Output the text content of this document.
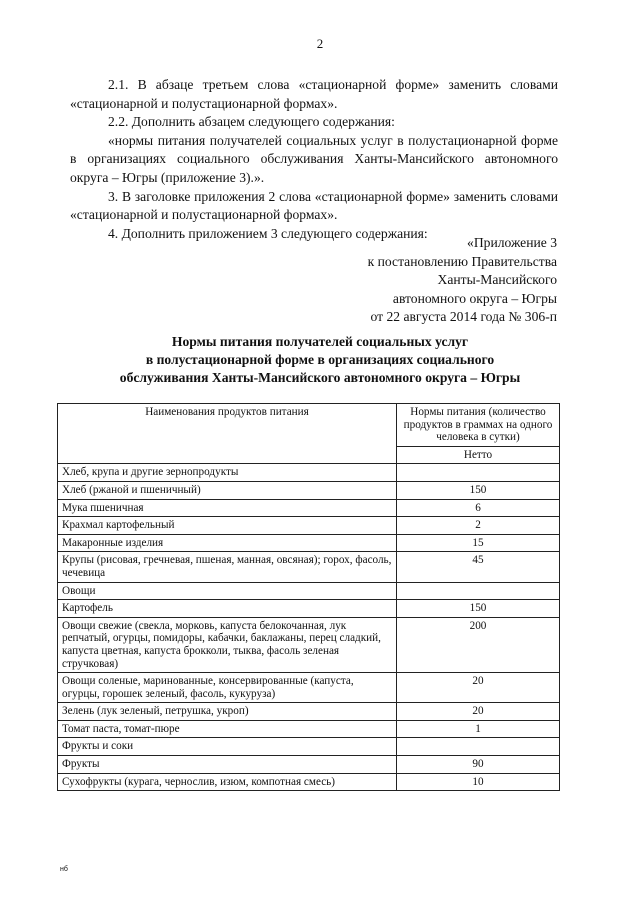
2

2.1. В абзаце третьем слова «стационарной форме» заменить словами «стационарной и полустационарной формах».

2.2. Дополнить абзацем следующего содержания:

«нормы питания получателей социальных услуг в полустационарной форме в организациях социального обслуживания Ханты-Мансийского автономного округа – Югры (приложение 3).».

3. В заголовке приложения 2 слова «стационарной форме» заменить словами «стационарной и полустационарной формах».

4. Дополнить приложением 3 следующего содержания:

«Приложение 3
к постановлению Правительства
Ханты-Мансийского
автономного округа – Югры
от 22 августа 2014 года № 306-п
Нормы питания получателей социальных услуг
в полустационарной форме в организациях социального
обслуживания Ханты-Мансийского автономного округа – Югры
Наименования продуктов питания	Нормы питания (количество продуктов в граммах на одного человека в сутки)
	Нетто
Хлеб, крупа и другие зернопродукты	
Хлеб (ржаной и пшеничный)	150
Мука пшеничная	6
Крахмал картофельный	2
Макаронные изделия	15
Крупы (рисовая, гречневая, пшеная, манная, овсяная); горох, фасоль, чечевица	45
Овощи	
Картофель	150
Овощи свежие (свекла, морковь, капуста белокочанная, лук репчатый, огурцы, помидоры, кабачки, баклажаны, перец сладкий, капуста цветная, капуста брокколи, тыква, фасоль зеленая стручковая)	200
Овощи соленые, маринованные, консервированные (капуста, огурцы, горошек зеленый, фасоль, кукуруза)	20
Зелень (лук зеленый, петрушка, укроп)	20
Томат паста, томат-пюре	1
Фрукты и соки	
Фрукты	90
Сухофрукты (курага, чернослив, изюм, компотная смесь)	10
нб
